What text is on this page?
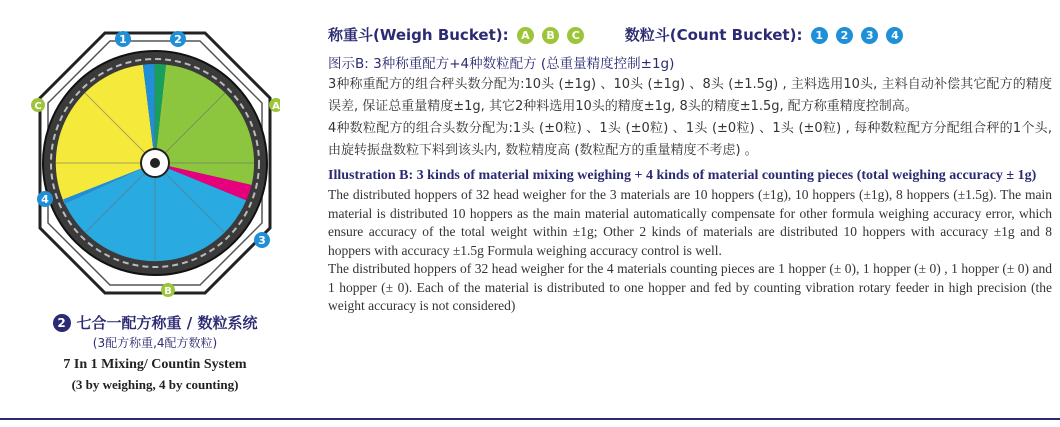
1	2
3
4
A
B
C
2 七合一配方称重 / 数粒系统
(3配方称重,4配方数粒)
7 In 1 Mixing/ Countin System
(3 by weighing, 4 by counting)
称重斗(Weigh Bucket): A B C	数粒斗(Count Bucket): 1 2 3 4
图示B: 3种称重配方+4种数粒配方 (总重量精度控制±1g)

3种称重配方的组合秤头数分配为:10头 (±1g) 、10头 (±1g) 、8头 (±1.5g) , 主料选用10头, 主料自动补偿其它配方的精度误差, 保证总重量精度±1g, 其它2种料选用10头的精度±1g, 8头的精度±1.5g, 配方称重精度控制高。

4种数粒配方的组合头数分配为:1头 (±0粒) 、1头 (±0粒) 、1头 (±0粒) 、1头 (±0粒) , 每种数粒配方分配组合秤的1个头, 由旋转振盘数粒下料到该头内, 数粒精度高 (数粒配方的重量精度不考虑) 。

Illustration B: 3 kinds of material mixing weighing + 4 kinds of material counting pieces (total weighing accuracy ± 1g)

The distributed hoppers of 32 head weigher for the 3 materials are 10 hoppers (±1g), 10 hoppers (±1g), 8 hoppers (±1.5g). The main material is distributed 10 hoppers as the main material automatically compensate for other formula weighing accuracy error, which ensure accuracy of the total weight within ±1g; Other 2 kinds of materials are distributed 10 hoppers with accuracy ±1g and 8 hoppers with accuracy ±1.5g Formula weighing accuracy control is well.

The distributed hoppers of 32 head weigher for the 4 materials counting pieces are 1 hopper (± 0), 1 hopper (± 0) , 1 hopper (± 0) and 1 hopper (± 0). Each of the material is distributed to one hopper and fed by counting vibration rotary feeder in high precision (the weight accuracy is not considered)
